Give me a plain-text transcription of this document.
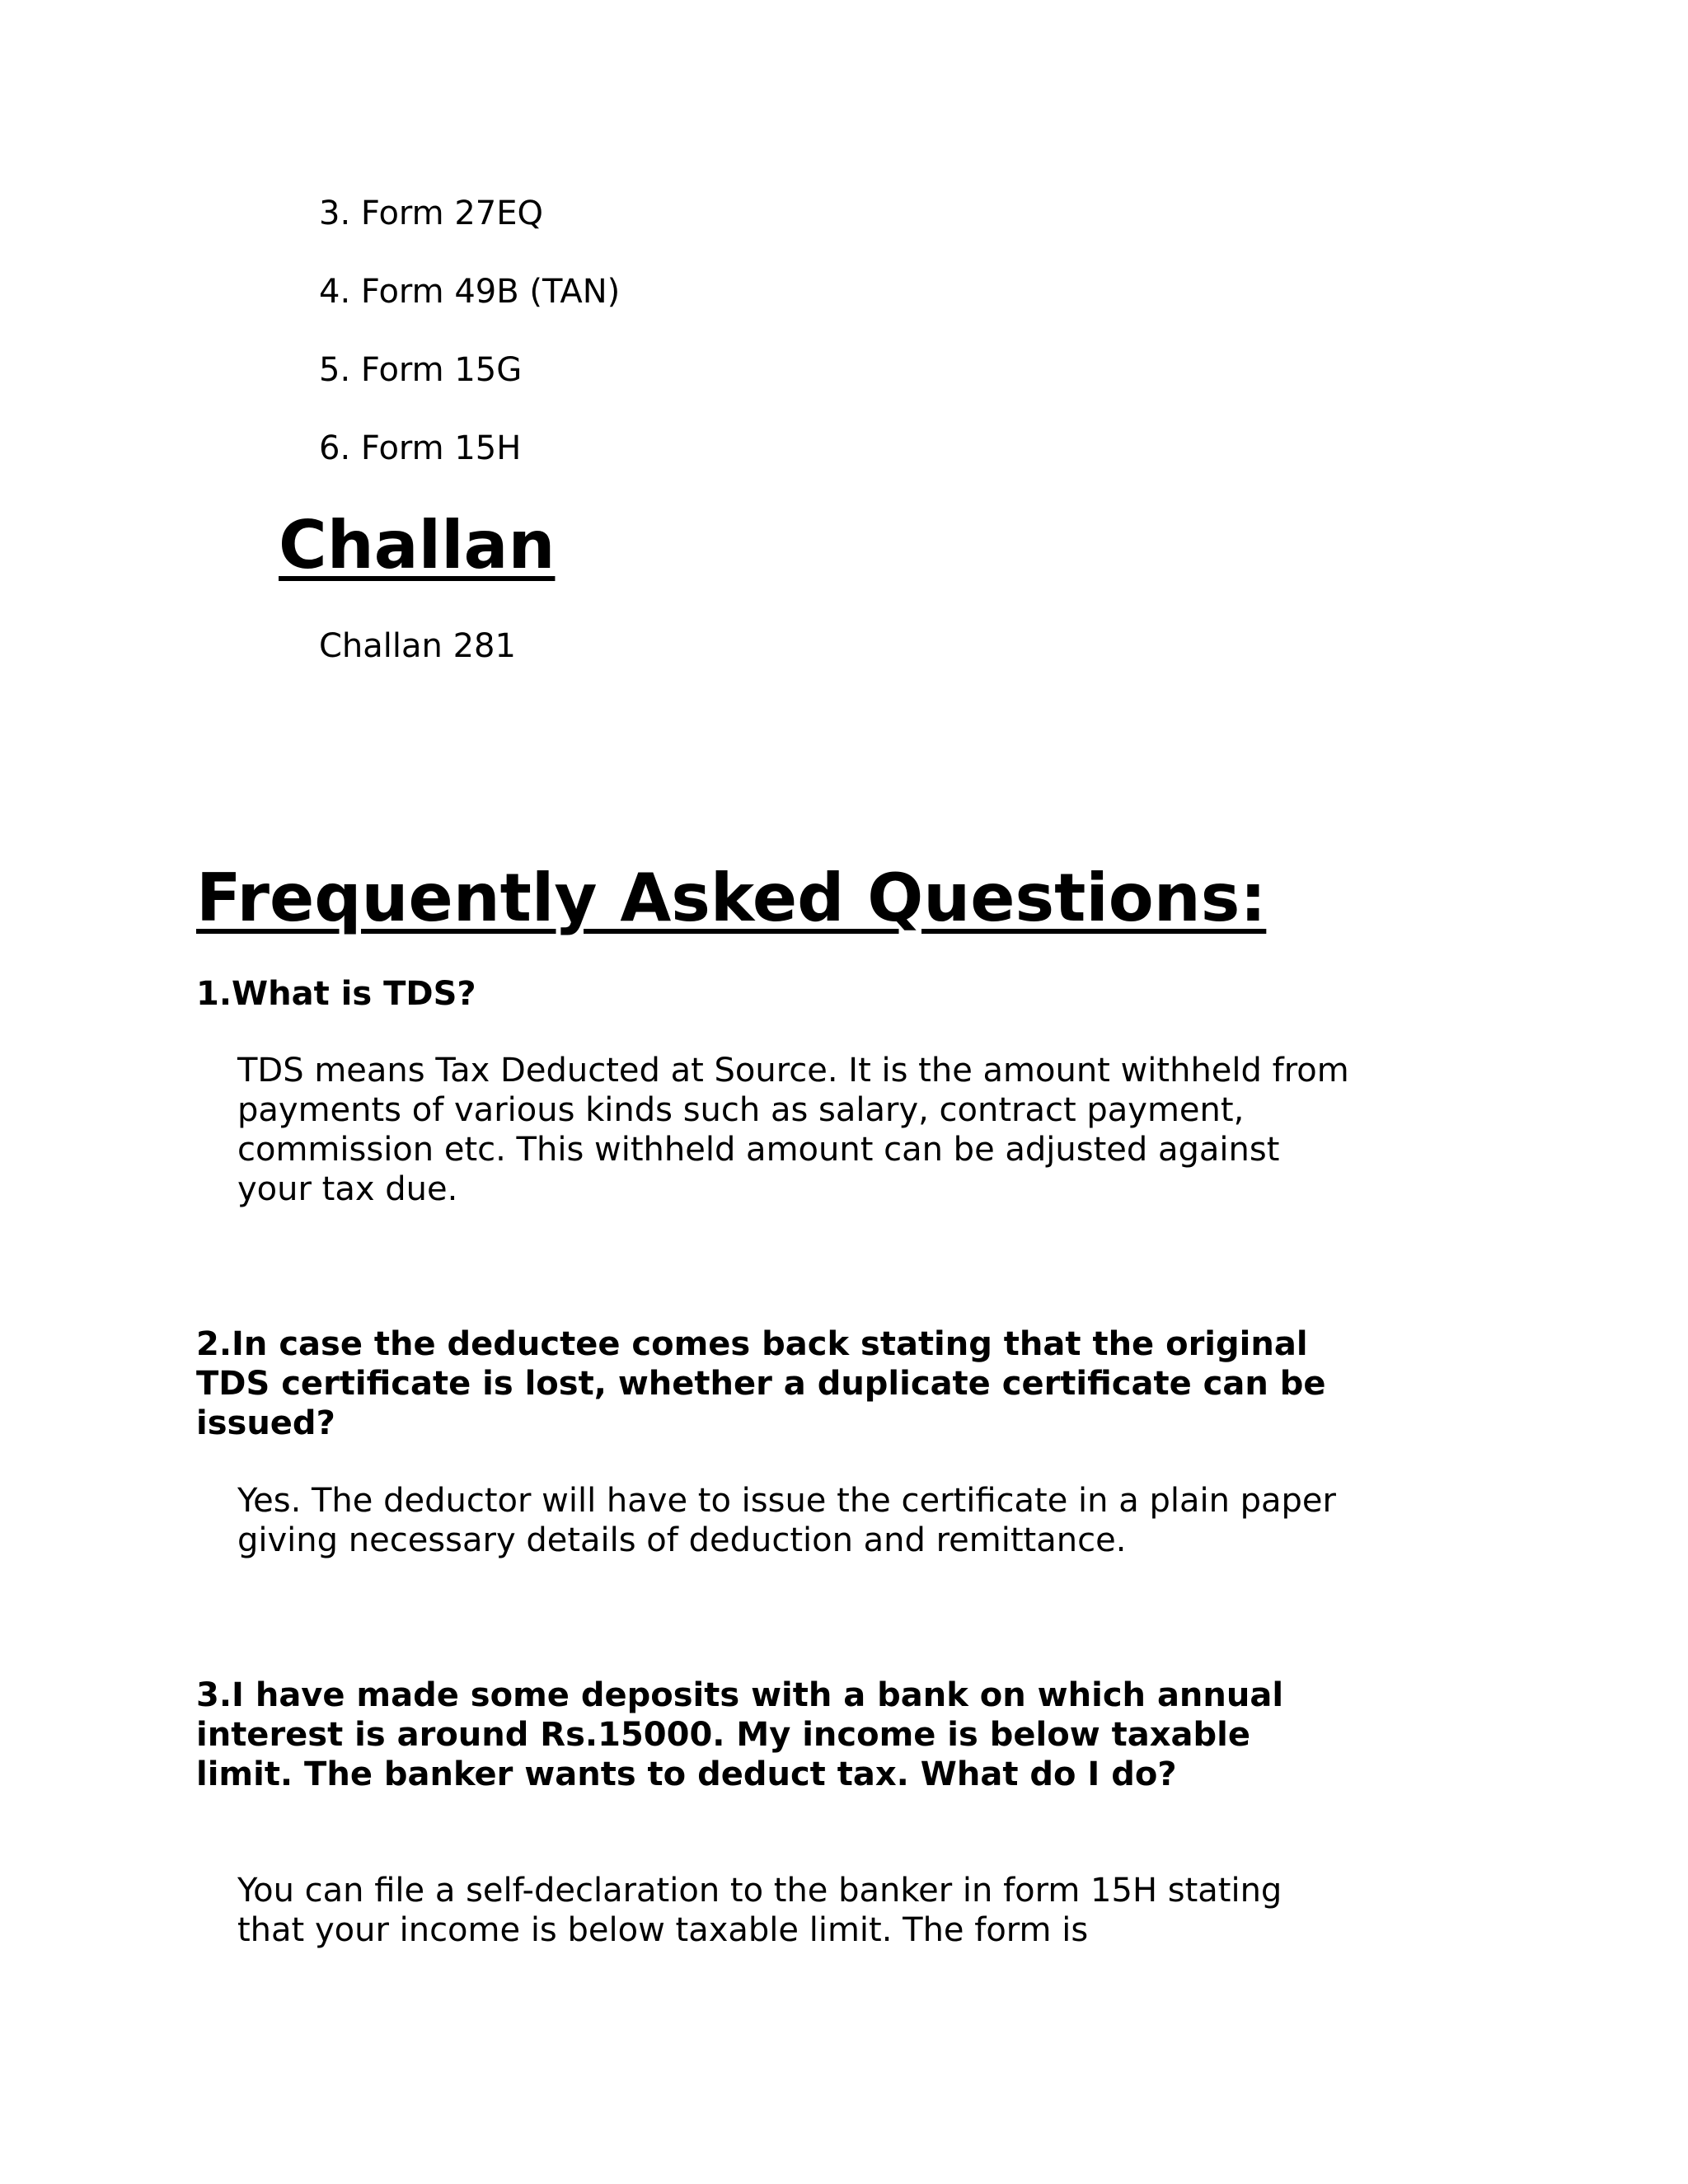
3. Form 27EQ
4. Form 49B (TAN)
5. Form 15G
6. Form 15H
Challan
Challan 281
Frequently Asked Questions:

1.What is TDS?

TDS means Tax Deducted at Source. It is the amount withheld from payments of various kinds such as salary, contract payment, commission etc. This withheld amount can be adjusted against your tax due.

2.In case the deductee comes back stating that the original TDS certificate is lost, whether a duplicate certificate can be issued?

Yes. The deductor will have to issue the certificate in a plain paper giving necessary details of deduction and remittance.

3.I have made some deposits with a bank on which annual interest is around Rs.15000. My income is below taxable limit. The banker wants to deduct tax. What do I do?

You can file a self-declaration to the banker in form 15H stating that your income is below taxable limit. The form is
